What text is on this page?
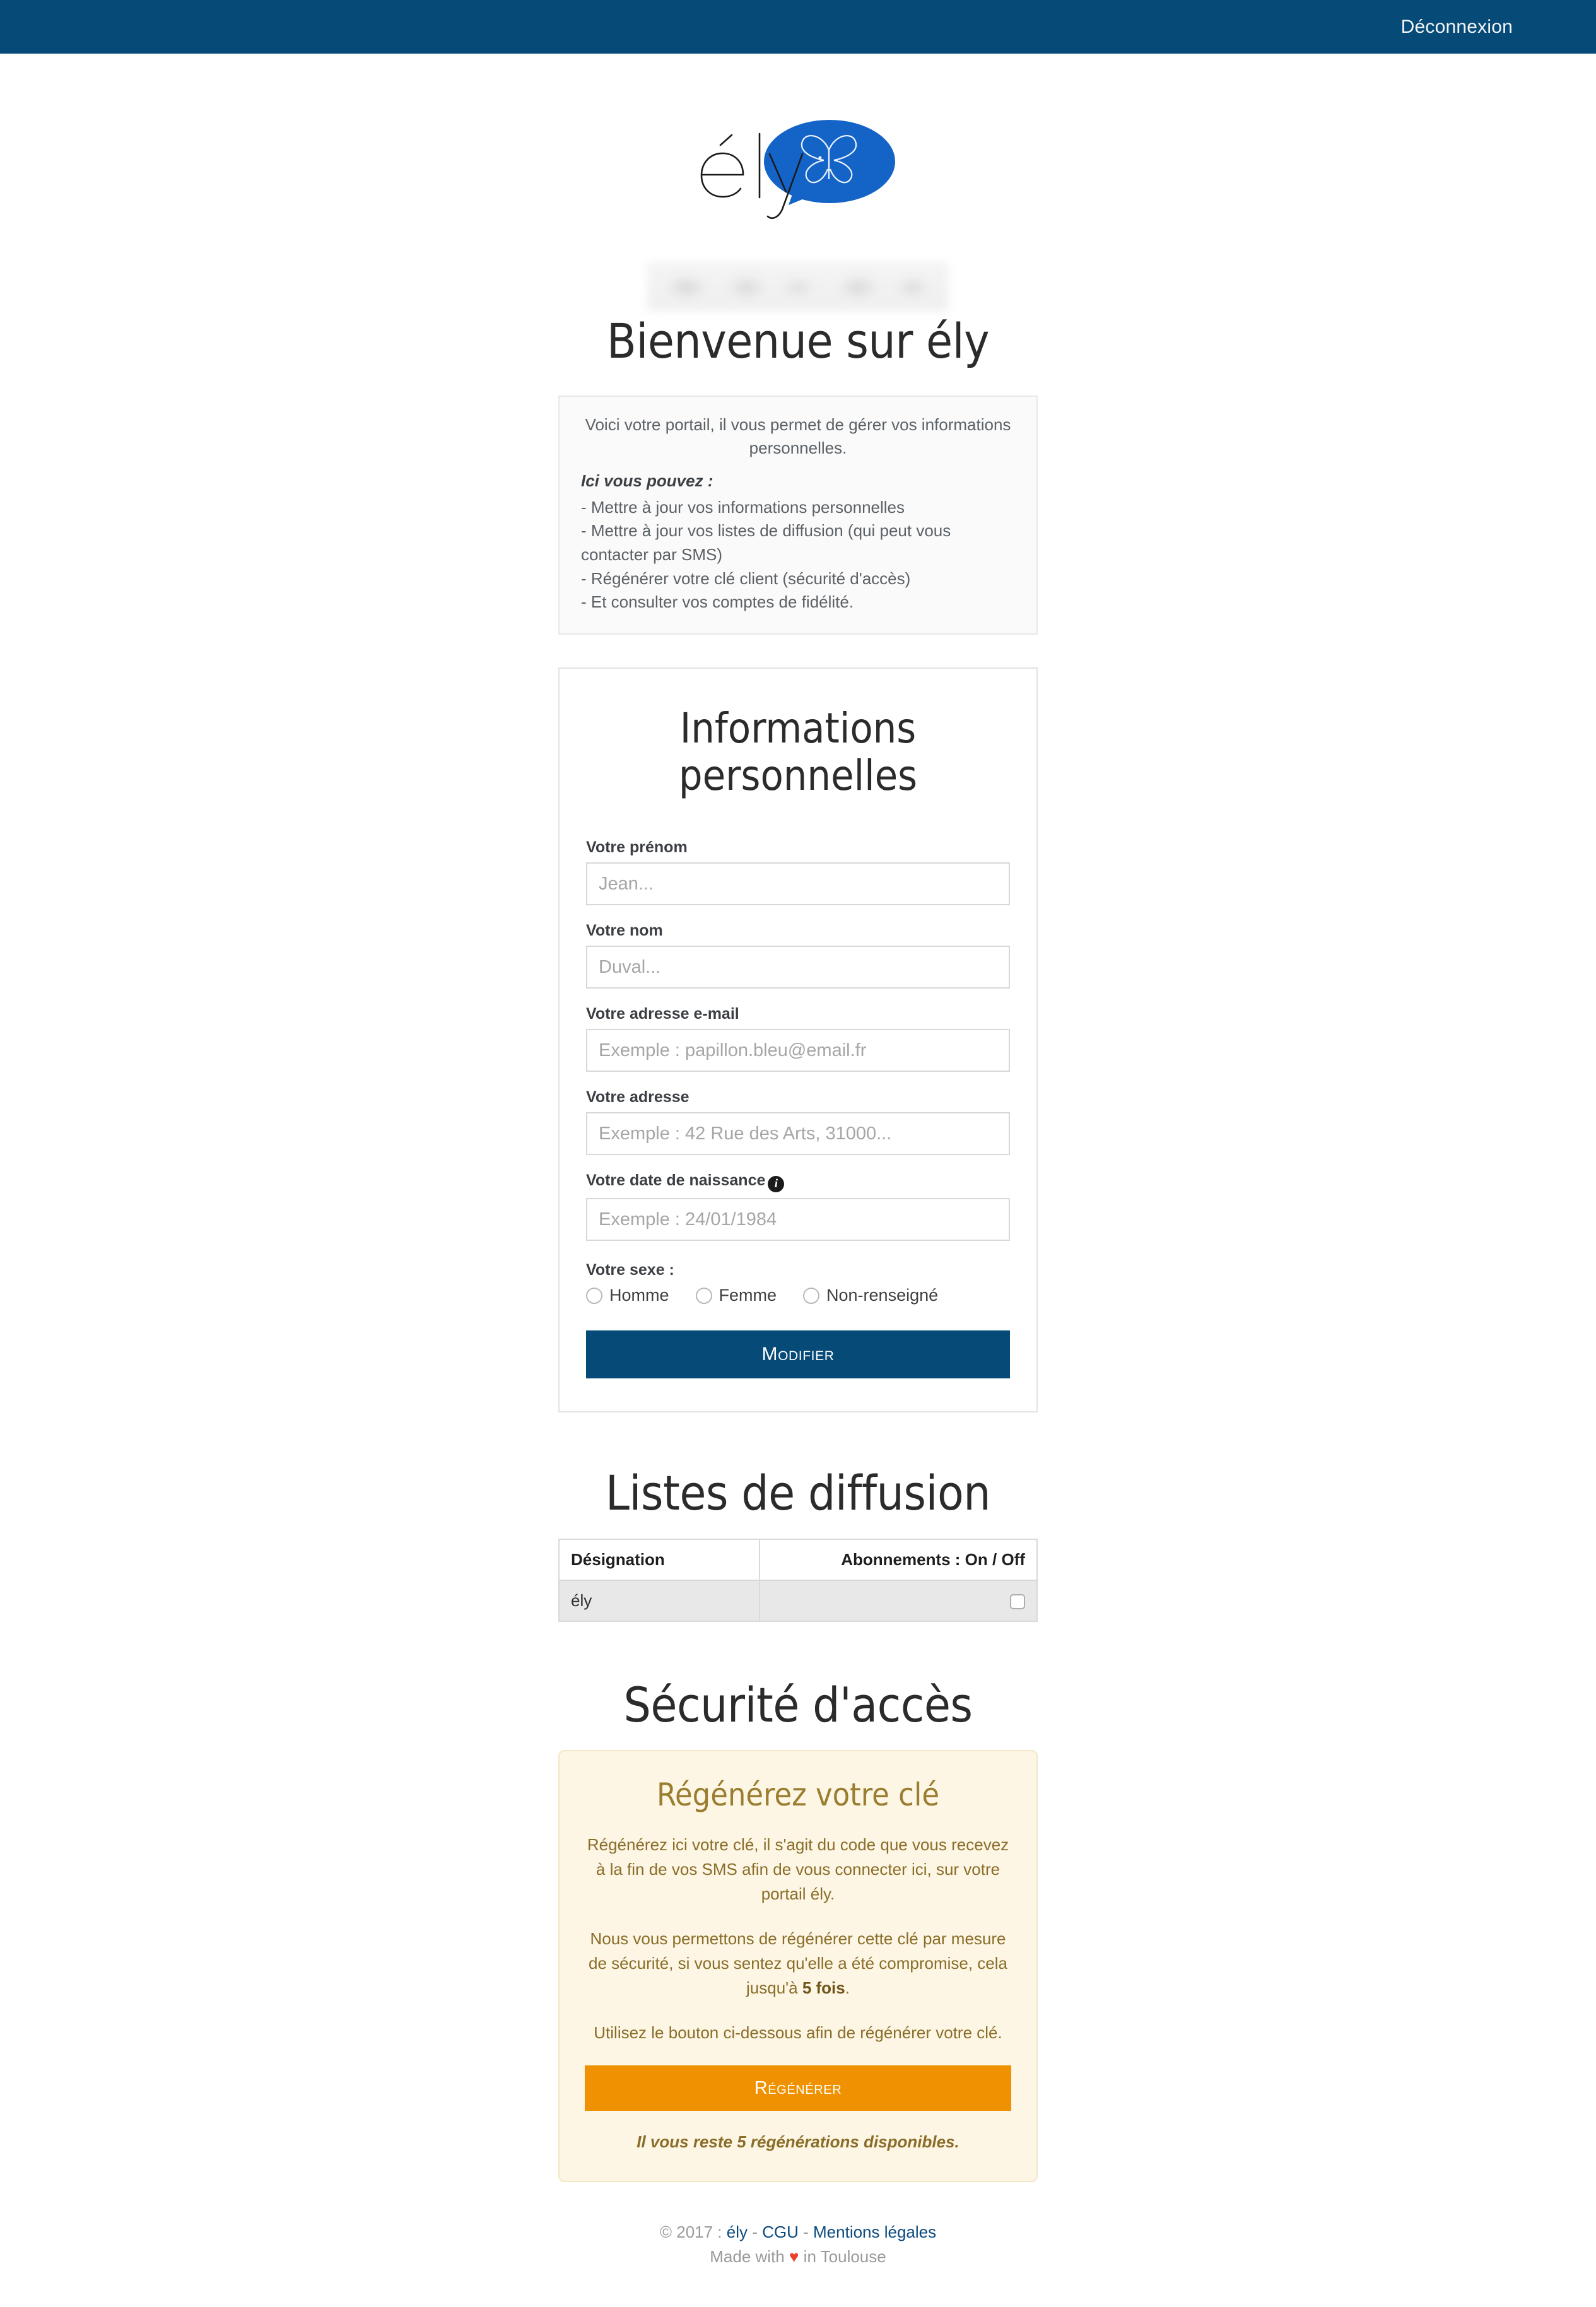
Déconnexion
Bienvenue sur ély

Voici votre portail, il vous permet de gérer vos informations personnelles.

Ici vous pouvez :
- Mettre à jour vos informations personnelles
- Mettre à jour vos listes de diffusion (qui peut vous contacter par SMS)
- Régénérer votre clé client (sécurité d'accès)
- Et consulter vos comptes de fidélité.
Informations
personnelles
Votre prénom
Jean...
Votre nom
Duval...
Votre adresse e-mail
Exemple : papillon.bleu@email.fr
Votre adresse
Exemple : 42 Rue des Arts, 31000...
Votre date de naissance i
Exemple : 24/01/1984
Votre sexe :
Homme	Femme	Non-renseigné
Modifier
Listes de diffusion
Désignation	Abonnements : On / Off
ély	
Sécurité d'accès
Régénérez votre clé

Régénérez ici votre clé, il s'agit du code que vous recevez à la fin de vos SMS afin de vous connecter ici, sur votre portail ély.

Nous vous permettons de régénérer cette clé par mesure de sécurité, si vous sentez qu'elle a été compromise, cela jusqu'à 5 fois.

Utilisez le bouton ci-dessous afin de régénérer votre clé.

Régénérer

Il vous reste 5 régénérations disponibles.

© 2017 : ély - CGU - Mentions légales
Made with ♥ in Toulouse
